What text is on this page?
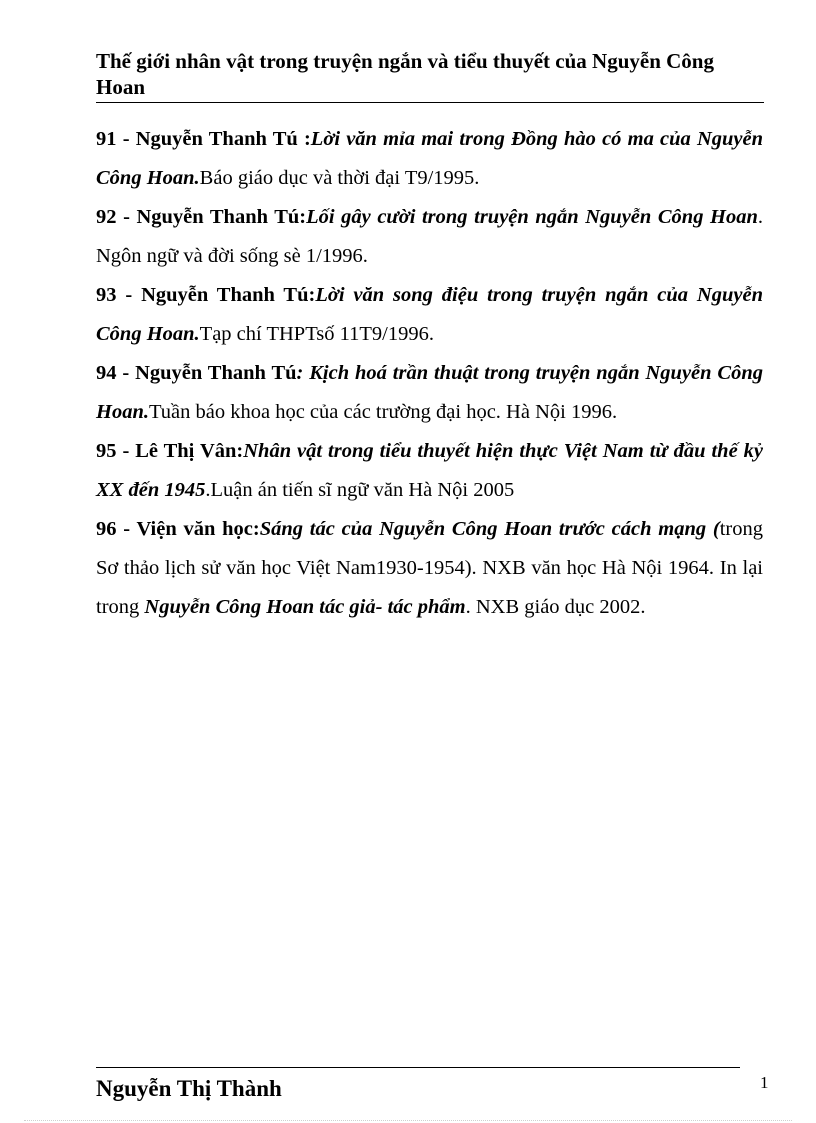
Thế giới nhân vật trong truyện ngắn và tiểu thuyết của Nguyễn Công Hoan

91 - Nguyễn Thanh Tú :Lời văn mỉa mai trong Đồng hào có ma của Nguyễn Công Hoan.Báo giáo dục và thời đại T9/1995.

92 - Nguyễn Thanh Tú:Lối gây cười trong truyện ngắn Nguyễn Công Hoan. Ngôn ngữ và đời sống sè 1/1996.

93 - Nguyễn Thanh Tú:Lời văn song điệu trong truyện ngắn của Nguyễn Công Hoan.Tạp chí THPTsố 11T9/1996.

94 - Nguyễn Thanh Tú: Kịch hoá trần thuật trong truyện ngắn Nguyễn Công Hoan.Tuần báo khoa học của các trường đại học. Hà Nội 1996.

95 - Lê Thị Vân:Nhân vật trong tiểu thuyết hiện thực Việt Nam từ đầu thế kỷ XX đến 1945.Luận án tiến sĩ ngữ văn Hà Nội 2005

96 - Viện văn học:Sáng tác của Nguyễn Công Hoan trước cách mạng (trong Sơ thảo lịch sử văn học Việt Nam1930-1954). NXB văn học Hà Nội 1964. In lại trong Nguyễn Công Hoan tác giả- tác phẩm. NXB giáo dục 2002.

Nguyễn Thị Thành	1
